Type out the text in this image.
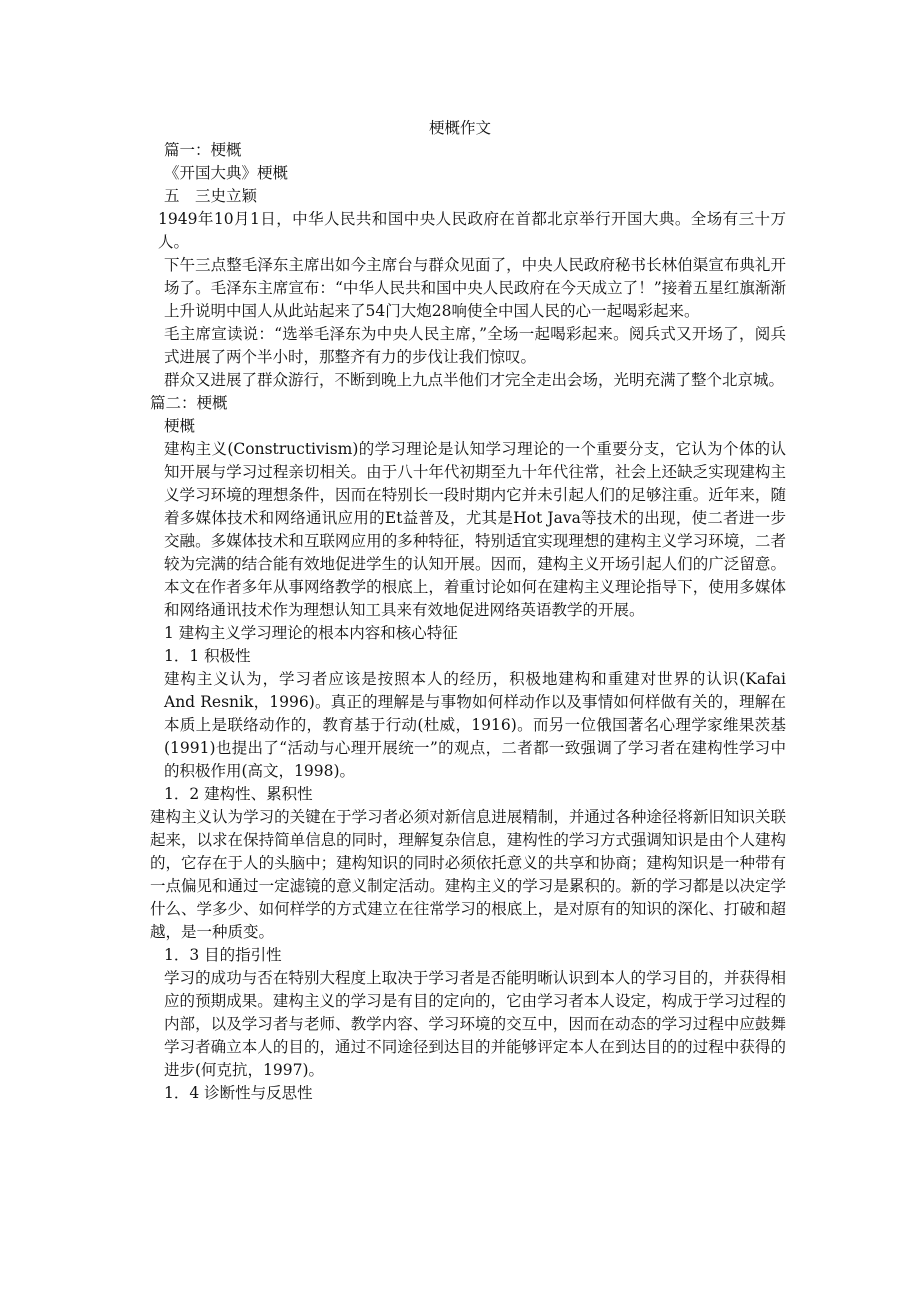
梗概作文

篇一：梗概

《开国大典》梗概

五　三史立颖

1949年10月1日，中华人民共和国中央人民政府在首都北京举行开国大典。全场有三十万人。

下午三点整毛泽东主席出如今主席台与群众见面了，中央人民政府秘书长林伯渠宣布典礼开场了。毛泽东主席宣布：“中华人民共和国中央人民政府在今天成立了！”接着五星红旗渐渐上升说明中国人从此站起来了54门大炮28响使全中国人民的心一起喝彩起来。

毛主席宣读说：“选举毛泽东为中央人民主席，”全场一起喝彩起来。阅兵式又开场了，阅兵式进展了两个半小时，那整齐有力的步伐让我们惊叹。

群众又进展了群众游行，不断到晚上九点半他们才完全走出会场，光明充满了整个北京城。

篇二：梗概

梗概

建构主义(Constructivism)的学习理论是认知学习理论的一个重要分支，它认为个体的认知开展与学习过程亲切相关。由于八十年代初期至九十年代往常，社会上还缺乏实现建构主义学习环境的理想条件，因而在特别长一段时期内它并未引起人们的足够注重。近年来，随着多媒体技术和网络通讯应用的Et益普及，尤其是Hot Java等技术的出现，使二者进一步交融。多媒体技术和互联网应用的多种特征，特别适宜实现理想的建构主义学习环境，二者较为完满的结合能有效地促进学生的认知开展。因而，建构主义开场引起人们的广泛留意。本文在作者多年从事网络教学的根底上，着重讨论如何在建构主义理论指导下，使用多媒体和网络通讯技术作为理想认知工具来有效地促进网络英语教学的开展。

1 建构主义学习理论的根本内容和核心特征

1．1 积极性

建构主义认为，学习者应该是按照本人的经历，积极地建构和重建对世界的认识(Kafai And Resnik，1996)。真正的理解是与事物如何样动作以及事情如何样做有关的，理解在本质上是联络动作的，教育基于行动(杜威，1916)。而另一位俄国著名心理学家维果茨基(1991)也提出了“活动与心理开展统一”的观点，二者都一致强调了学习者在建构性学习中的积极作用(高文，1998)。

1．2 建构性、累积性

建构主义认为学习的关键在于学习者必须对新信息进展精制，并通过各种途径将新旧知识关联起来，以求在保持简单信息的同时，理解复杂信息，建构性的学习方式强调知识是由个人建构的，它存在于人的头脑中；建构知识的同时必须依托意义的共享和协商；建构知识是一种带有一点偏见和通过一定滤镜的意义制定活动。建构主义的学习是累积的。新的学习都是以决定学什么、学多少、如何样学的方式建立在往常学习的根底上，是对原有的知识的深化、打破和超越，是一种质变。

1．3 目的指引性

学习的成功与否在特别大程度上取决于学习者是否能明晰认识到本人的学习目的，并获得相应的预期成果。建构主义的学习是有目的定向的，它由学习者本人设定，构成于学习过程的内部，以及学习者与老师、教学内容、学习环境的交互中，因而在动态的学习过程中应鼓舞学习者确立本人的目的，通过不同途径到达目的并能够评定本人在到达目的的过程中获得的进步(何克抗，1997)。

1．4 诊断性与反思性
